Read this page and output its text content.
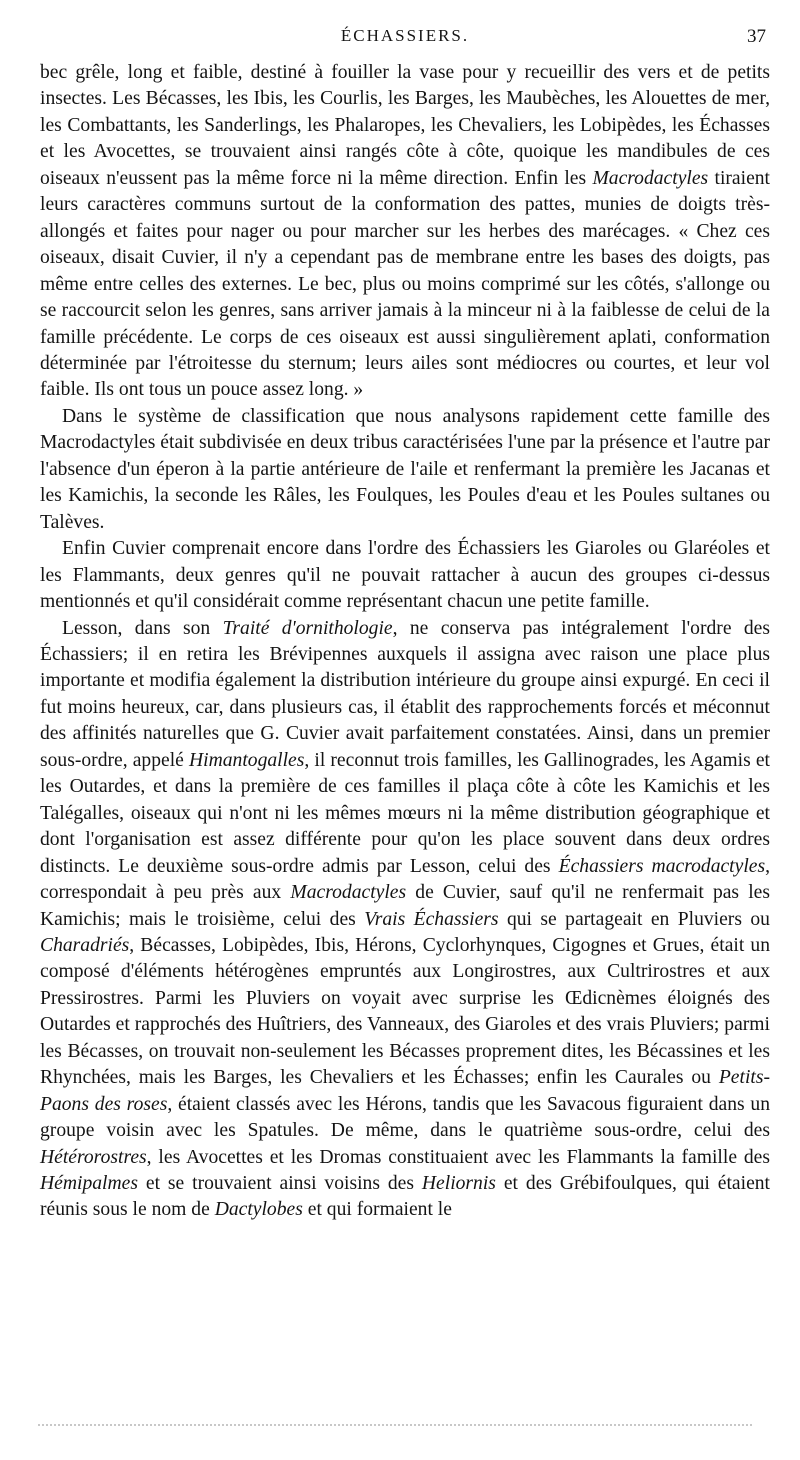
ÉCHASSIERS.	37

bec grêle, long et faible, destiné à fouiller la vase pour y recueillir des vers et de petits insectes. Les Bécasses, les Ibis, les Courlis, les Barges, les Maubèches, les Alouettes de mer, les Combattants, les Sanderlings, les Phalaropes, les Chevaliers, les Lobipèdes, les Échasses et les Avocettes, se trouvaient ainsi rangés côte à côte, quoique les mandibules de ces oiseaux n'eussent pas la même force ni la même direction. Enfin les Macrodactyles tiraient leurs caractères communs surtout de la conformation des pattes, munies de doigts très-allongés et faites pour nager ou pour marcher sur les herbes des marécages. « Chez ces oiseaux, disait Cuvier, il n'y a cependant pas de membrane entre les bases des doigts, pas même entre celles des externes. Le bec, plus ou moins comprimé sur les côtés, s'allonge ou se raccourcit selon les genres, sans arriver jamais à la minceur ni à la faiblesse de celui de la famille précédente. Le corps de ces oiseaux est aussi singulièrement aplati, conformation déterminée par l'étroitesse du sternum; leurs ailes sont médiocres ou courtes, et leur vol faible. Ils ont tous un pouce assez long. »

Dans le système de classification que nous analysons rapidement cette famille des Macrodactyles était subdivisée en deux tribus caractérisées l'une par la présence et l'autre par l'absence d'un éperon à la partie antérieure de l'aile et renfermant la première les Jacanas et les Kamichis, la seconde les Râles, les Foulques, les Poules d'eau et les Poules sultanes ou Talèves.

Enfin Cuvier comprenait encore dans l'ordre des Échassiers les Giaroles ou Glaréoles et les Flammants, deux genres qu'il ne pouvait rattacher à aucun des groupes ci-dessus mentionnés et qu'il considérait comme représentant chacun une petite famille.

Lesson, dans son Traité d'ornithologie, ne conserva pas intégralement l'ordre des Échassiers; il en retira les Brévipennes auxquels il assigna avec raison une place plus importante et modifia également la distribution intérieure du groupe ainsi expurgé. En ceci il fut moins heureux, car, dans plusieurs cas, il établit des rapprochements forcés et méconnut des affinités naturelles que G. Cuvier avait parfaitement constatées. Ainsi, dans un premier sous-ordre, appelé Himantogalles, il reconnut trois familles, les Gallinogrades, les Agamis et les Outardes, et dans la première de ces familles il plaça côte à côte les Kamichis et les Talégalles, oiseaux qui n'ont ni les mêmes mœurs ni la même distribution géographique et dont l'organisation est assez différente pour qu'on les place souvent dans deux ordres distincts. Le deuxième sous-ordre admis par Lesson, celui des Échassiers macrodactyles, correspondait à peu près aux Macrodactyles de Cuvier, sauf qu'il ne renfermait pas les Kamichis; mais le troisième, celui des Vrais Échassiers qui se partageait en Pluviers ou Charadriés, Bécasses, Lobipèdes, Ibis, Hérons, Cyclorhynques, Cigognes et Grues, était un composé d'éléments hétérogènes empruntés aux Longirostres, aux Cultrirostres et aux Pressirostres. Parmi les Pluviers on voyait avec surprise les Œdicnèmes éloignés des Outardes et rapprochés des Huîtriers, des Vanneaux, des Giaroles et des vrais Pluviers; parmi les Bécasses, on trouvait non-seulement les Bécasses proprement dites, les Bécassines et les Rhynchées, mais les Barges, les Chevaliers et les Échasses; enfin les Caurales ou Petits-Paons des roses, étaient classés avec les Hérons, tandis que les Savacous figuraient dans un groupe voisin avec les Spatules. De même, dans le quatrième sous-ordre, celui des Hétérorostres, les Avocettes et les Dromas constituaient avec les Flammants la famille des Hémipalmes et se trouvaient ainsi voisins des Heliornis et des Grébifoulques, qui étaient réunis sous le nom de Dactylobes et qui formaient le
